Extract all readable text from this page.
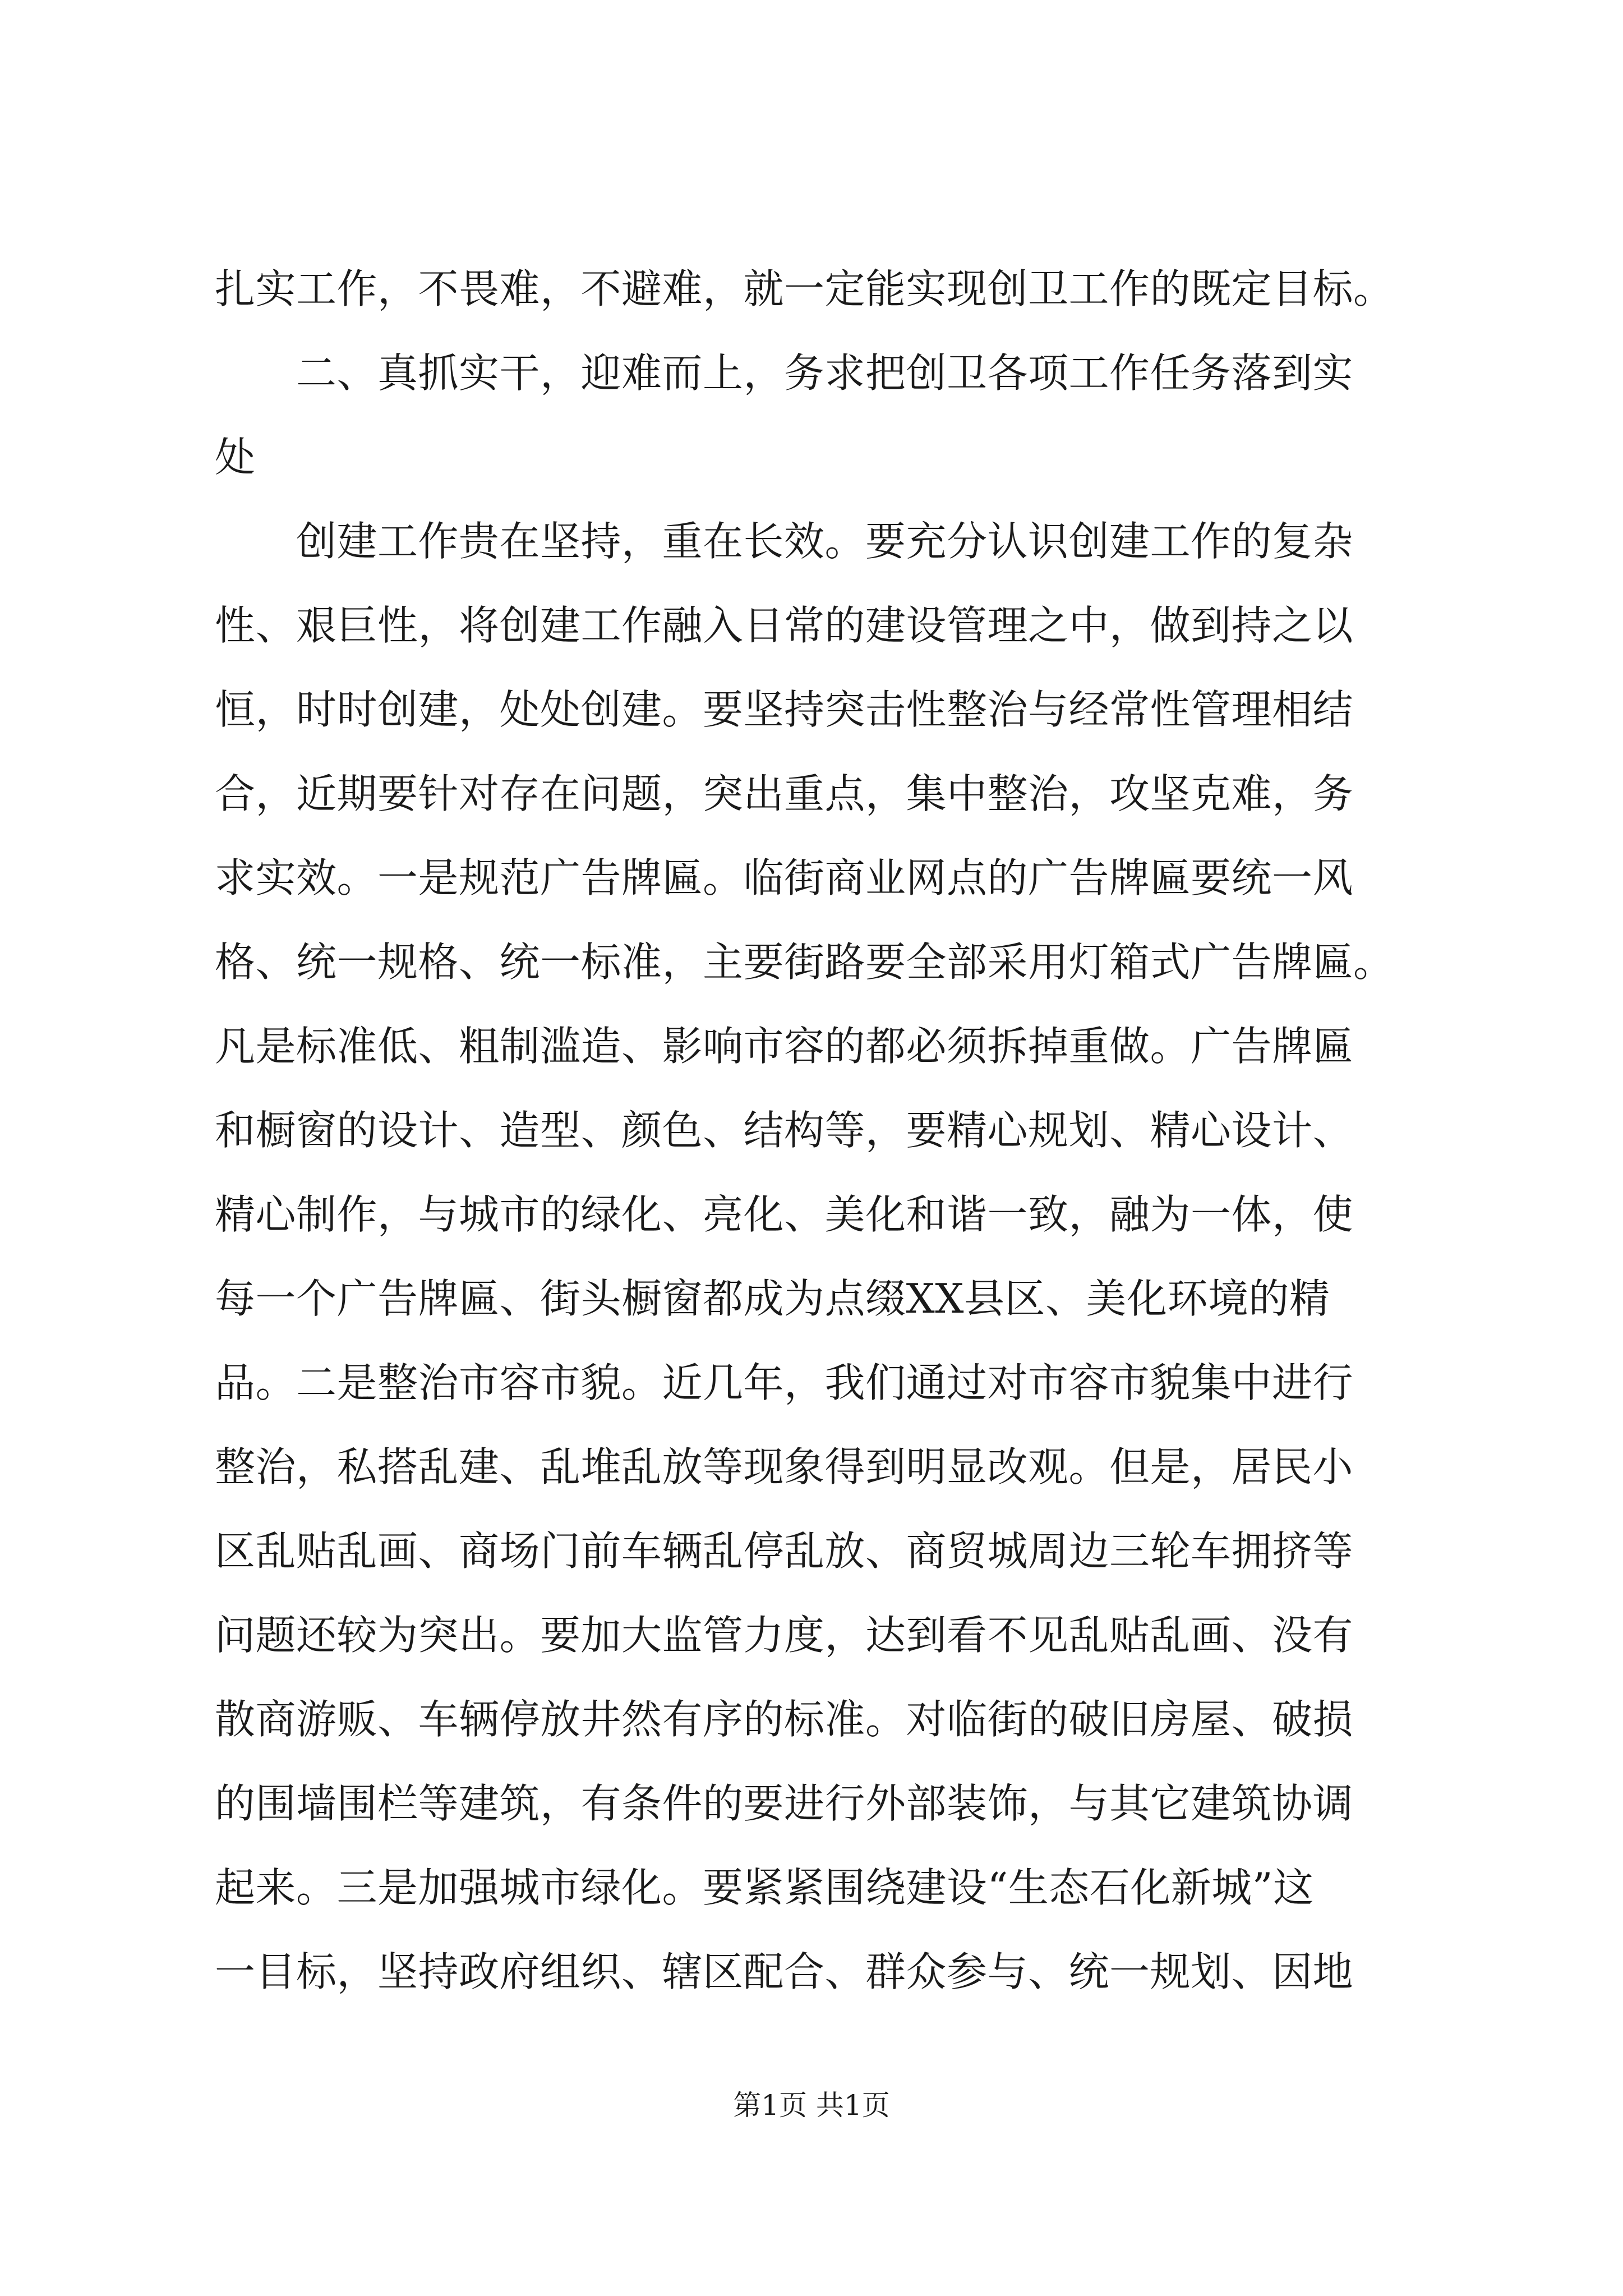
扎实工作，不畏难，不避难，就一定能实现创卫工作的既定目标。
二、真抓实干，迎难而上，务求把创卫各项工作任务落到实
处
创建工作贵在坚持，重在长效。要充分认识创建工作的复杂
性、艰巨性，将创建工作融入日常的建设管理之中，做到持之以
恒，时时创建，处处创建。要坚持突击性整治与经常性管理相结
合，近期要针对存在问题，突出重点，集中整治，攻坚克难，务
求实效。一是规范广告牌匾。临街商业网点的广告牌匾要统一风
格、统一规格、统一标准，主要街路要全部采用灯箱式广告牌匾。
凡是标准低、粗制滥造、影响市容的都必须拆掉重做。广告牌匾
和橱窗的设计、造型、颜色、结构等，要精心规划、精心设计、
精心制作，与城市的绿化、亮化、美化和谐一致，融为一体，使
每一个广告牌匾、街头橱窗都成为点缀XX县区、美化环境的精
品。二是整治市容市貌。近几年，我们通过对市容市貌集中进行
整治，私搭乱建、乱堆乱放等现象得到明显改观。但是，居民小
区乱贴乱画、商场门前车辆乱停乱放、商贸城周边三轮车拥挤等
问题还较为突出。要加大监管力度，达到看不见乱贴乱画、没有
散商游贩、车辆停放井然有序的标准。对临街的破旧房屋、破损
的围墙围栏等建筑，有条件的要进行外部装饰，与其它建筑协调
起来。三是加强城市绿化。要紧紧围绕建设“生态石化新城”这
一目标，坚持政府组织、辖区配合、群众参与、统一规划、因地
第1页 共1页
